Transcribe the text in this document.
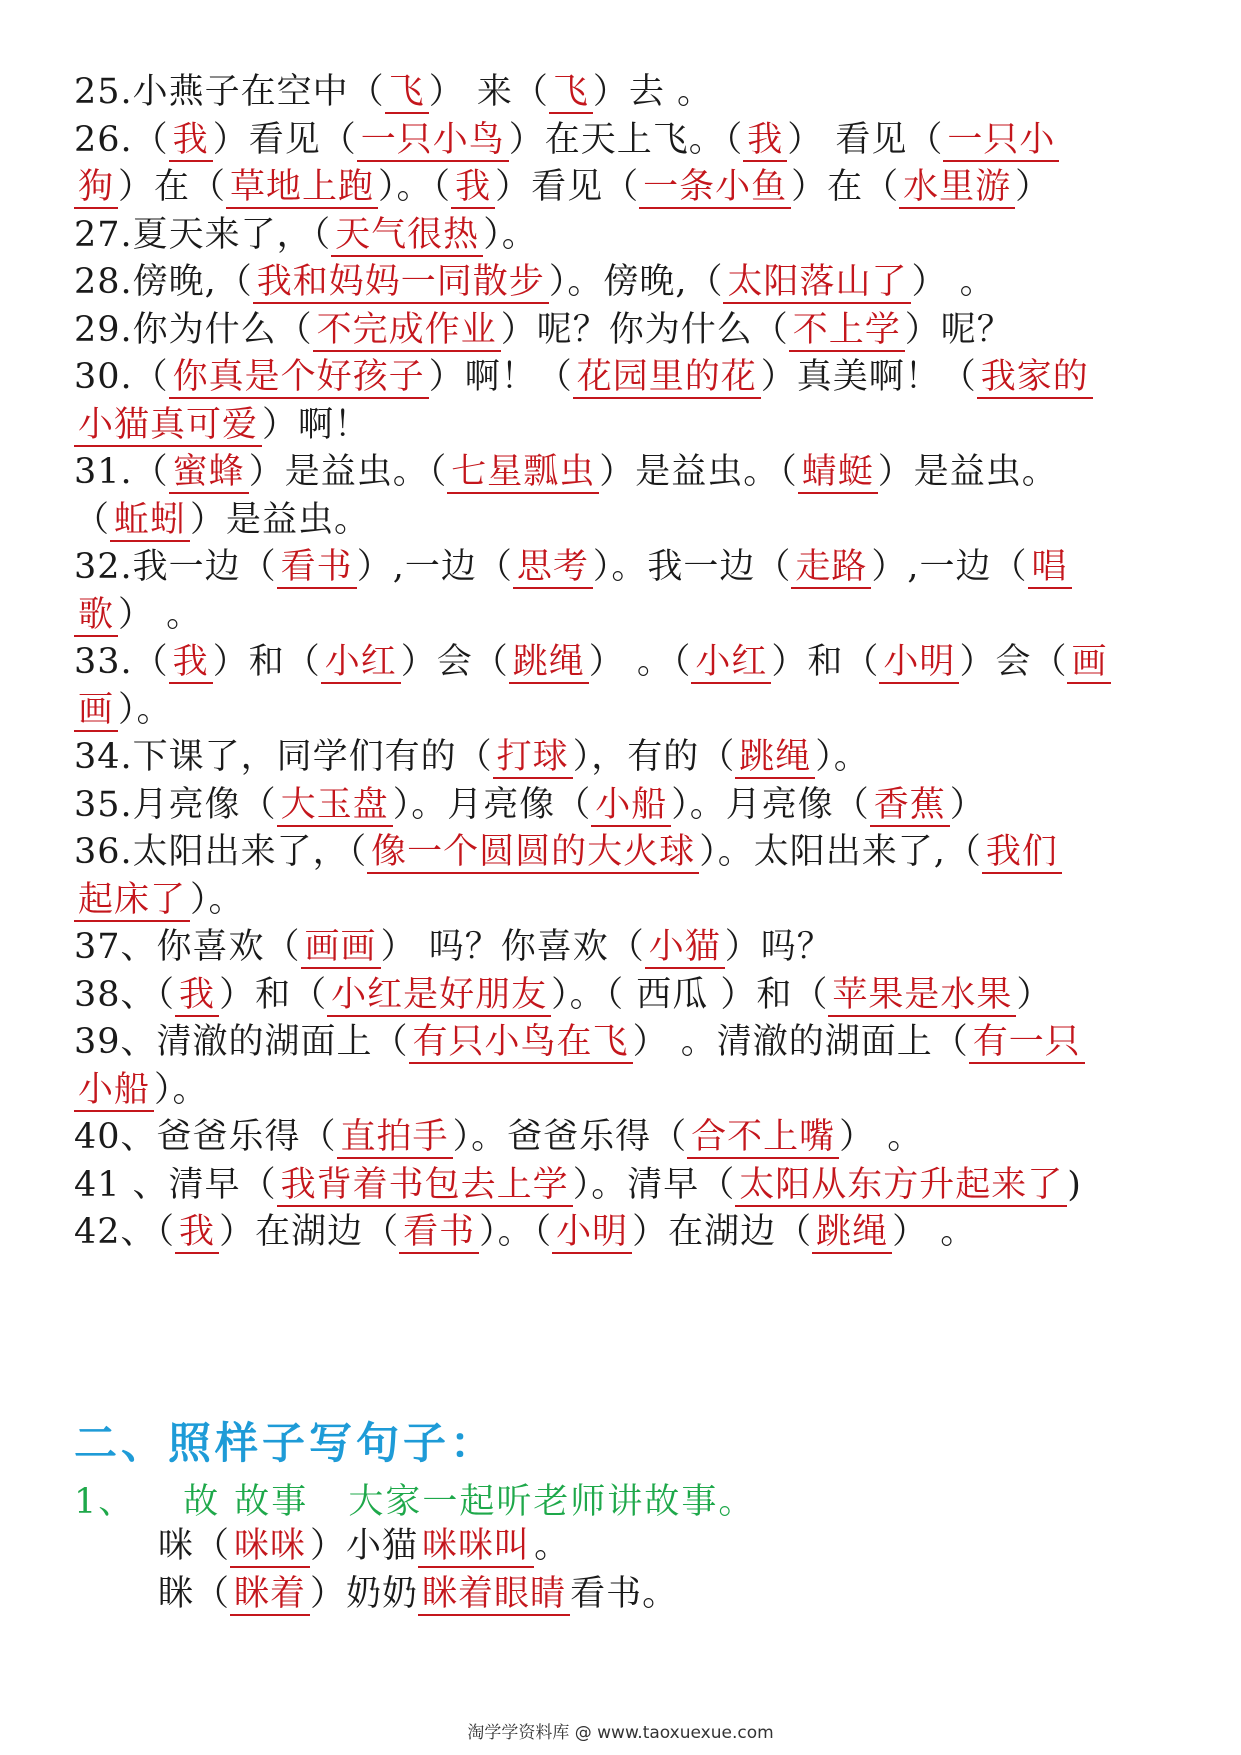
25.小燕子在空中（ 飞 ） 来（ 飞 ）去 。
26.（ 我 ）看见（ 一只小鸟 ）在天上飞。（ 我 ） 看见（ 一只小
狗 ）在（ 草地上跑 ）。（ 我 ）看见（ 一条小鱼 ）在（ 水里游 ）
27.夏天来了，（ 天气很热 ）。
28.傍晚,（ 我和妈妈一同散步 ）。傍晚,（ 太阳落山了 ） 。
29.你为什么（ 不完成作业 ）呢？你为什么（ 不上学 ）呢？
30.（ 你真是个好孩子 ）啊！（ 花园里的花 ）真美啊！（ 我家的
小猫真可爱 ）啊！
31.（ 蜜蜂 ）是益虫。（ 七星瓢虫 ）是益虫。（ 蜻蜓 ）是益虫。
（ 蚯蚓 ）是益虫。
32.我一边（ 看书 ）,一边（ 思考 ）。我一边（ 走路 ）,一边（ 唱
歌 ） 。
33.（ 我 ）和（ 小红 ）会（ 跳绳 ） 。（ 小红 ）和（ 小明 ）会（ 画
画 ）。
34.下课了，同学们有的（ 打球 ），有的（ 跳绳 ）。
35.月亮像（ 大玉盘 ）。月亮像（ 小船 ）。月亮像（ 香蕉 ）
36.太阳出来了，（ 像一个圆圆的大火球 ）。太阳出来了,（ 我们
起床了 ）。
37、你喜欢（ 画画 ） 吗？你喜欢（ 小猫 ）吗？
38、（ 我 ）和（ 小红是好朋友 ）。（ 西瓜 ）和（ 苹果是水果 ）
39、清澈的湖面上（ 有只小鸟在飞 ） 。清澈的湖面上（ 有一只
小船 ）。
40、爸爸乐得（ 直拍手 ）。爸爸乐得（ 合不上嘴 ） 。
41 、清早（ 我背着书包去上学 ）。清早（ 太阳从东方升起来了 )
42、（ 我 ）在湖边（ 看书 ）。（ 小明 ）在湖边（ 跳绳 ） 。
二、照样子写句子：
1、 故 故事 大家一起听老师讲故事。
咪（ 咪咪 ）小猫 咪咪叫 。
眯（ 眯着 ）奶奶 眯着眼睛 看书。
淘学学资料库 @ www.taoxuexue.com
